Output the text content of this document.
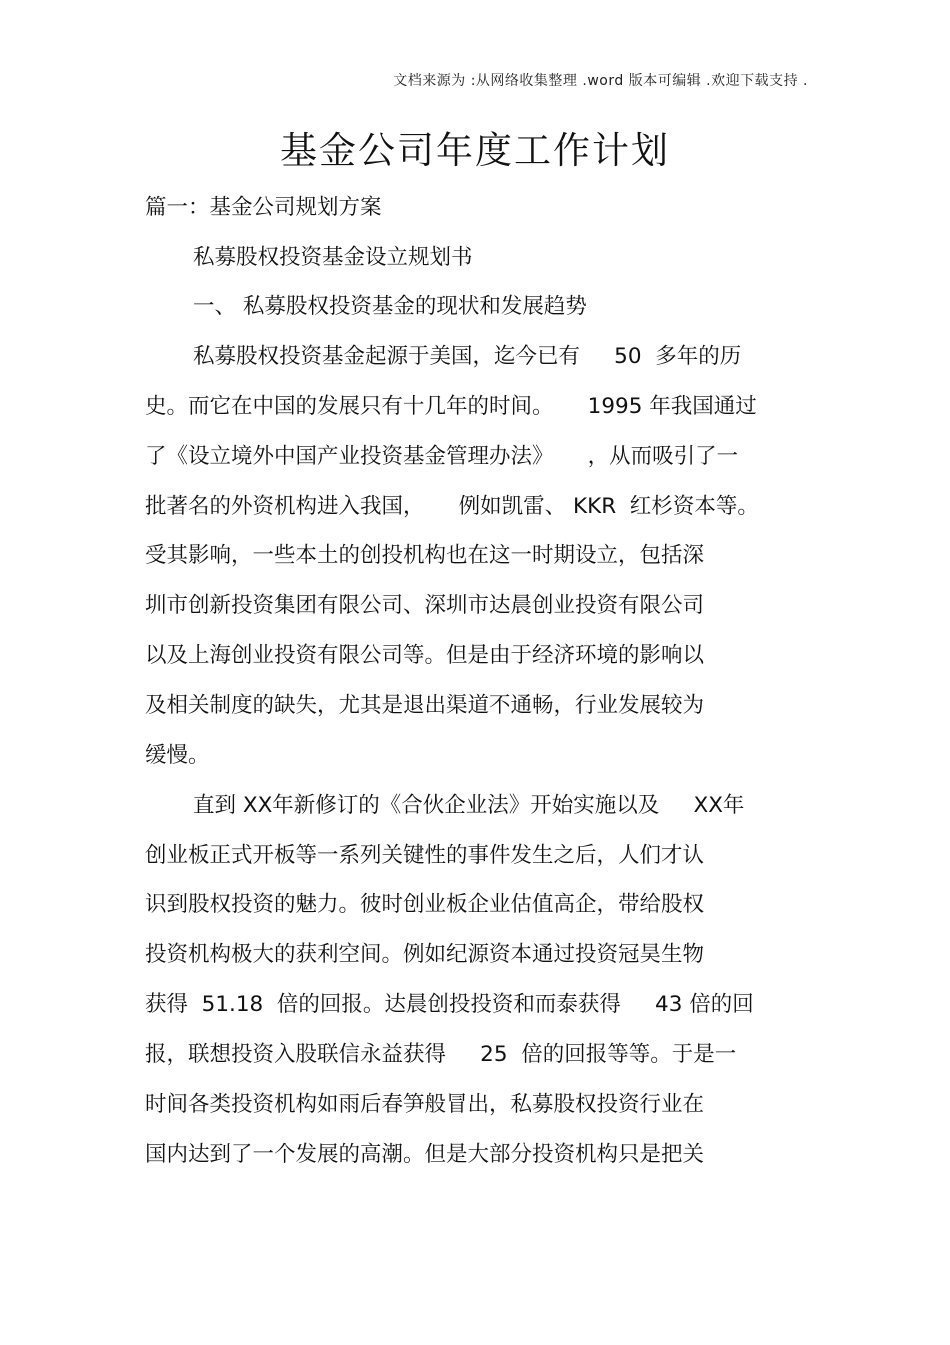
文档来源为 :从网络收集整理 .word 版本可编辑 .欢迎下载支持 .
基金公司年度工作计划
篇一：基金公司规划方案
私募股权投资基金设立规划书
一、 私募股权投资基金的现状和发展趋势
私募股权投资基金起源于美国，迄今已有     50  多年的历
史。而它在中国的发展只有十几年的时间。     1995 年我国通过
了《设立境外中国产业投资基金管理办法》     ，从而吸引了一
批著名的外资机构进入我国，     例如凯雷、 KKR  红杉资本等。
受其影响，一些本土的创投机构也在这一时期设立，包括深
圳市创新投资集团有限公司、深圳市达晨创业投资有限公司
以及上海创业投资有限公司等。但是由于经济环境的影响以
及相关制度的缺失，尤其是退出渠道不通畅，行业发展较为
缓慢。
直到 XX年新修订的《合伙企业法》开始实施以及     XX年
创业板正式开板等一系列关键性的事件发生之后，人们才认
识到股权投资的魅力。彼时创业板企业估值高企，带给股权
投资机构极大的获利空间。例如纪源资本通过投资冠昊生物
获得  51.18  倍的回报。达晨创投投资和而泰获得     43 倍的回
报，联想投资入股联信永益获得     25  倍的回报等等。于是一
时间各类投资机构如雨后春笋般冒出，私募股权投资行业在
国内达到了一个发展的高潮。但是大部分投资机构只是把关
